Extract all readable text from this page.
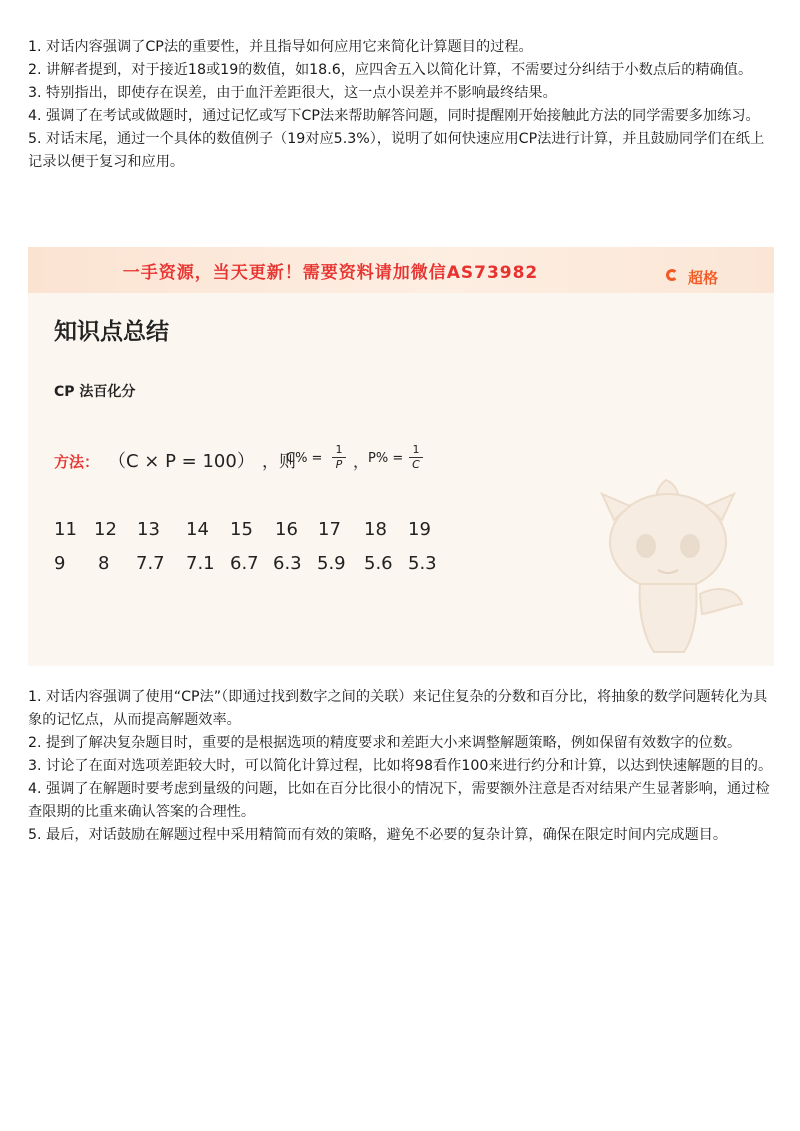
1. 对话内容强调了CP法的重要性，并且指导如何应用它来简化计算题目的过程。

2. 讲解者提到，对于接近18或19的数值，如18.6，应四舍五入以简化计算，不需要过分纠结于小数点后的精确值。

3. 特别指出，即使存在误差，由于血汗差距很大，这一点小误差并不影响最终结果。

4. 强调了在考试或做题时，通过记忆或写下CP法来帮助解答问题，同时提醒刚开始接触此方法的同学需要多加练习。

5. 对话末尾，通过一个具体的数值例子（19对应5.3%），说明了如何快速应用CP法进行计算，并且鼓励同学们在纸上记录以便于复习和应用。

一手资源，当天更新！需要资料请加微信AS73982	超格
知识点总结
CP 法百化分
方法： （C × P = 100） ，则
$C\% = \frac{1}{P}$ ，
$P\% = \frac{1}{C}$
11 12 13 14 15 16 17 18 19
9 8 7.7 7.1 6.7 6.3 5.9 5.6 5.3

1. 对话内容强调了使用“CP法”（即通过找到数字之间的关联）来记住复杂的分数和百分比，将抽象的数学问题转化为具象的记忆点，从而提高解题效率。

2. 提到了解决复杂题目时，重要的是根据选项的精度要求和差距大小来调整解题策略，例如保留有效数字的位数。

3. 讨论了在面对选项差距较大时，可以简化计算过程，比如将98看作100来进行约分和计算，以达到快速解题的目的。

4. 强调了在解题时要考虑到量级的问题，比如在百分比很小的情况下，需要额外注意是否对结果产生显著影响，通过检查限期的比重来确认答案的合理性。

5. 最后，对话鼓励在解题过程中采用精简而有效的策略，避免不必要的复杂计算，确保在限定时间内完成题目。
